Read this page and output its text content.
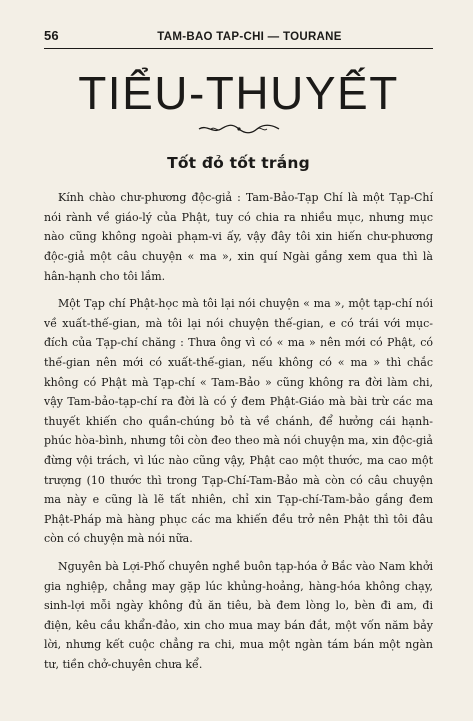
56	TAM-BAO TAP-CHI — TOURANE
TIỂU-THUYẾT
Tốt đỏ tốt trắng

Kính chào chư-phương độc-giả : Tam-Bảo-Tạp Chí là một Tạp-Chí nói rành về giáo-lý của Phật, tuy có chia ra nhiều mục, nhưng mục nào cũng không ngoài phạm-vi ấy, vậy đây tôi xin hiến chư-phương độc-giả một câu chuyện « ma », xin quí Ngài gắng xem qua thì là hân-hạnh cho tôi lắm.

Một Tạp chí Phật-học mà tôi lại nói chuyện « ma », một tạp-chí nói về xuất-thế-gian, mà tôi lại nói chuyện thế-gian, e có trái với mục-đích của Tạp-chí chăng : Thưa ông vì có « ma » nên mới có Phật, có thế-gian nên mới có xuất-thế-gian, nếu không có « ma » thì chắc không có Phật mà Tạp-chí « Tam-Bảo » cũng không ra đời làm chi, vậy Tam-bảo-tạp-chí ra đời là có ý đem Phật-Giáo mà bài trừ các ma thuyết khiến cho quần-chúng bỏ tà về chánh, để hưởng cái hạnh-phúc hòa-bình, nhưng tôi còn đeo theo mà nói chuyện ma, xin độc-giả đừng vội trách, vì lúc nào cũng vậy, Phật cao một thước, ma cao một trượng (10 thước thì trong Tạp-Chí-Tam-Bảo mà còn có câu chuyện ma này e cũng là lẽ tất nhiên, chỉ xin Tạp-chí-Tam-bảo gắng đem Phật-Pháp mà hàng phục các ma khiến đều trở nên Phật thì tôi đâu còn có chuyện mà nói nữa.

Nguyên bà Lợi-Phố chuyên nghề buôn tạp-hóa ở Bắc vào Nam khởi gia nghiệp, chẳng may gặp lúc khủng-hoảng, hàng-hóa không chạy, sinh-lợi mỗi ngày không đủ ăn tiêu, bà đem lòng lo, bèn đi am, đi điện, kêu cầu khẩn-đảo, xin cho mua may bán đắt, một vốn năm bảy lời, nhưng kết cuộc chẳng ra chi, mua một ngàn tám bán một ngàn tư, tiền chở-chuyên chưa kể.
